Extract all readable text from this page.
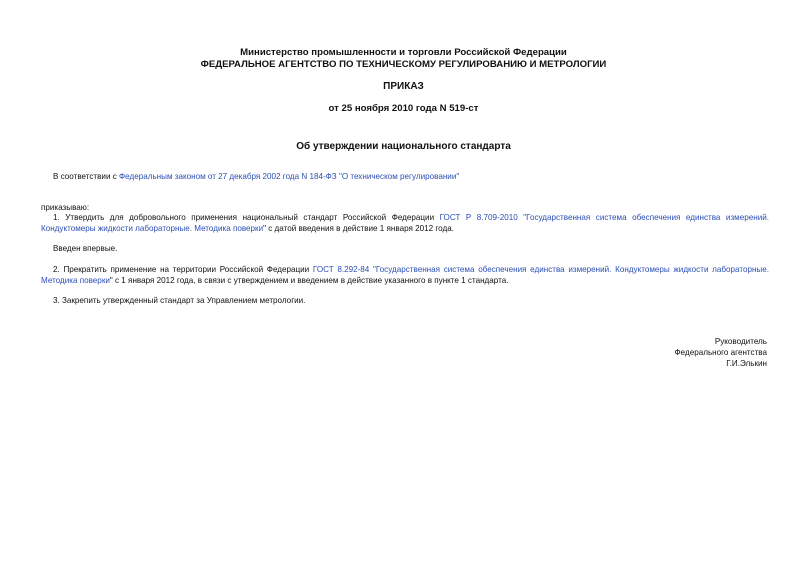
Министерство промышленности и торговли Российской Федерации
ФЕДЕРАЛЬНОЕ АГЕНТСТВО ПО ТЕХНИЧЕСКОМУ РЕГУЛИРОВАНИЮ И МЕТРОЛОГИИ
ПРИКАЗ
от 25 ноября 2010 года N 519-ст
Об утверждении национального стандарта
В соответствии с Федеральным законом от 27 декабря 2002 года N 184-ФЗ "О техническом регулировании"
приказываю:
1. Утвердить для добровольного применения национальный стандарт Российской Федерации ГОСТ Р 8.709-2010 "Государственная система обеспечения единства измерений. Кондуктомеры жидкости лабораторные. Методика поверки" с датой введения в действие 1 января 2012 года.
Введен впервые.
2. Прекратить применение на территории Российской Федерации ГОСТ 8.292-84 "Государственная система обеспечения единства измерений. Кондуктомеры жидкости лабораторные. Методика поверки" с 1 января 2012 года, в связи с утверждением и введением в действие указанного в пункте 1 стандарта.
3. Закрепить утвержденный стандарт за Управлением метрологии.
Руководитель
Федерального агентства
Г.И.Элькин
